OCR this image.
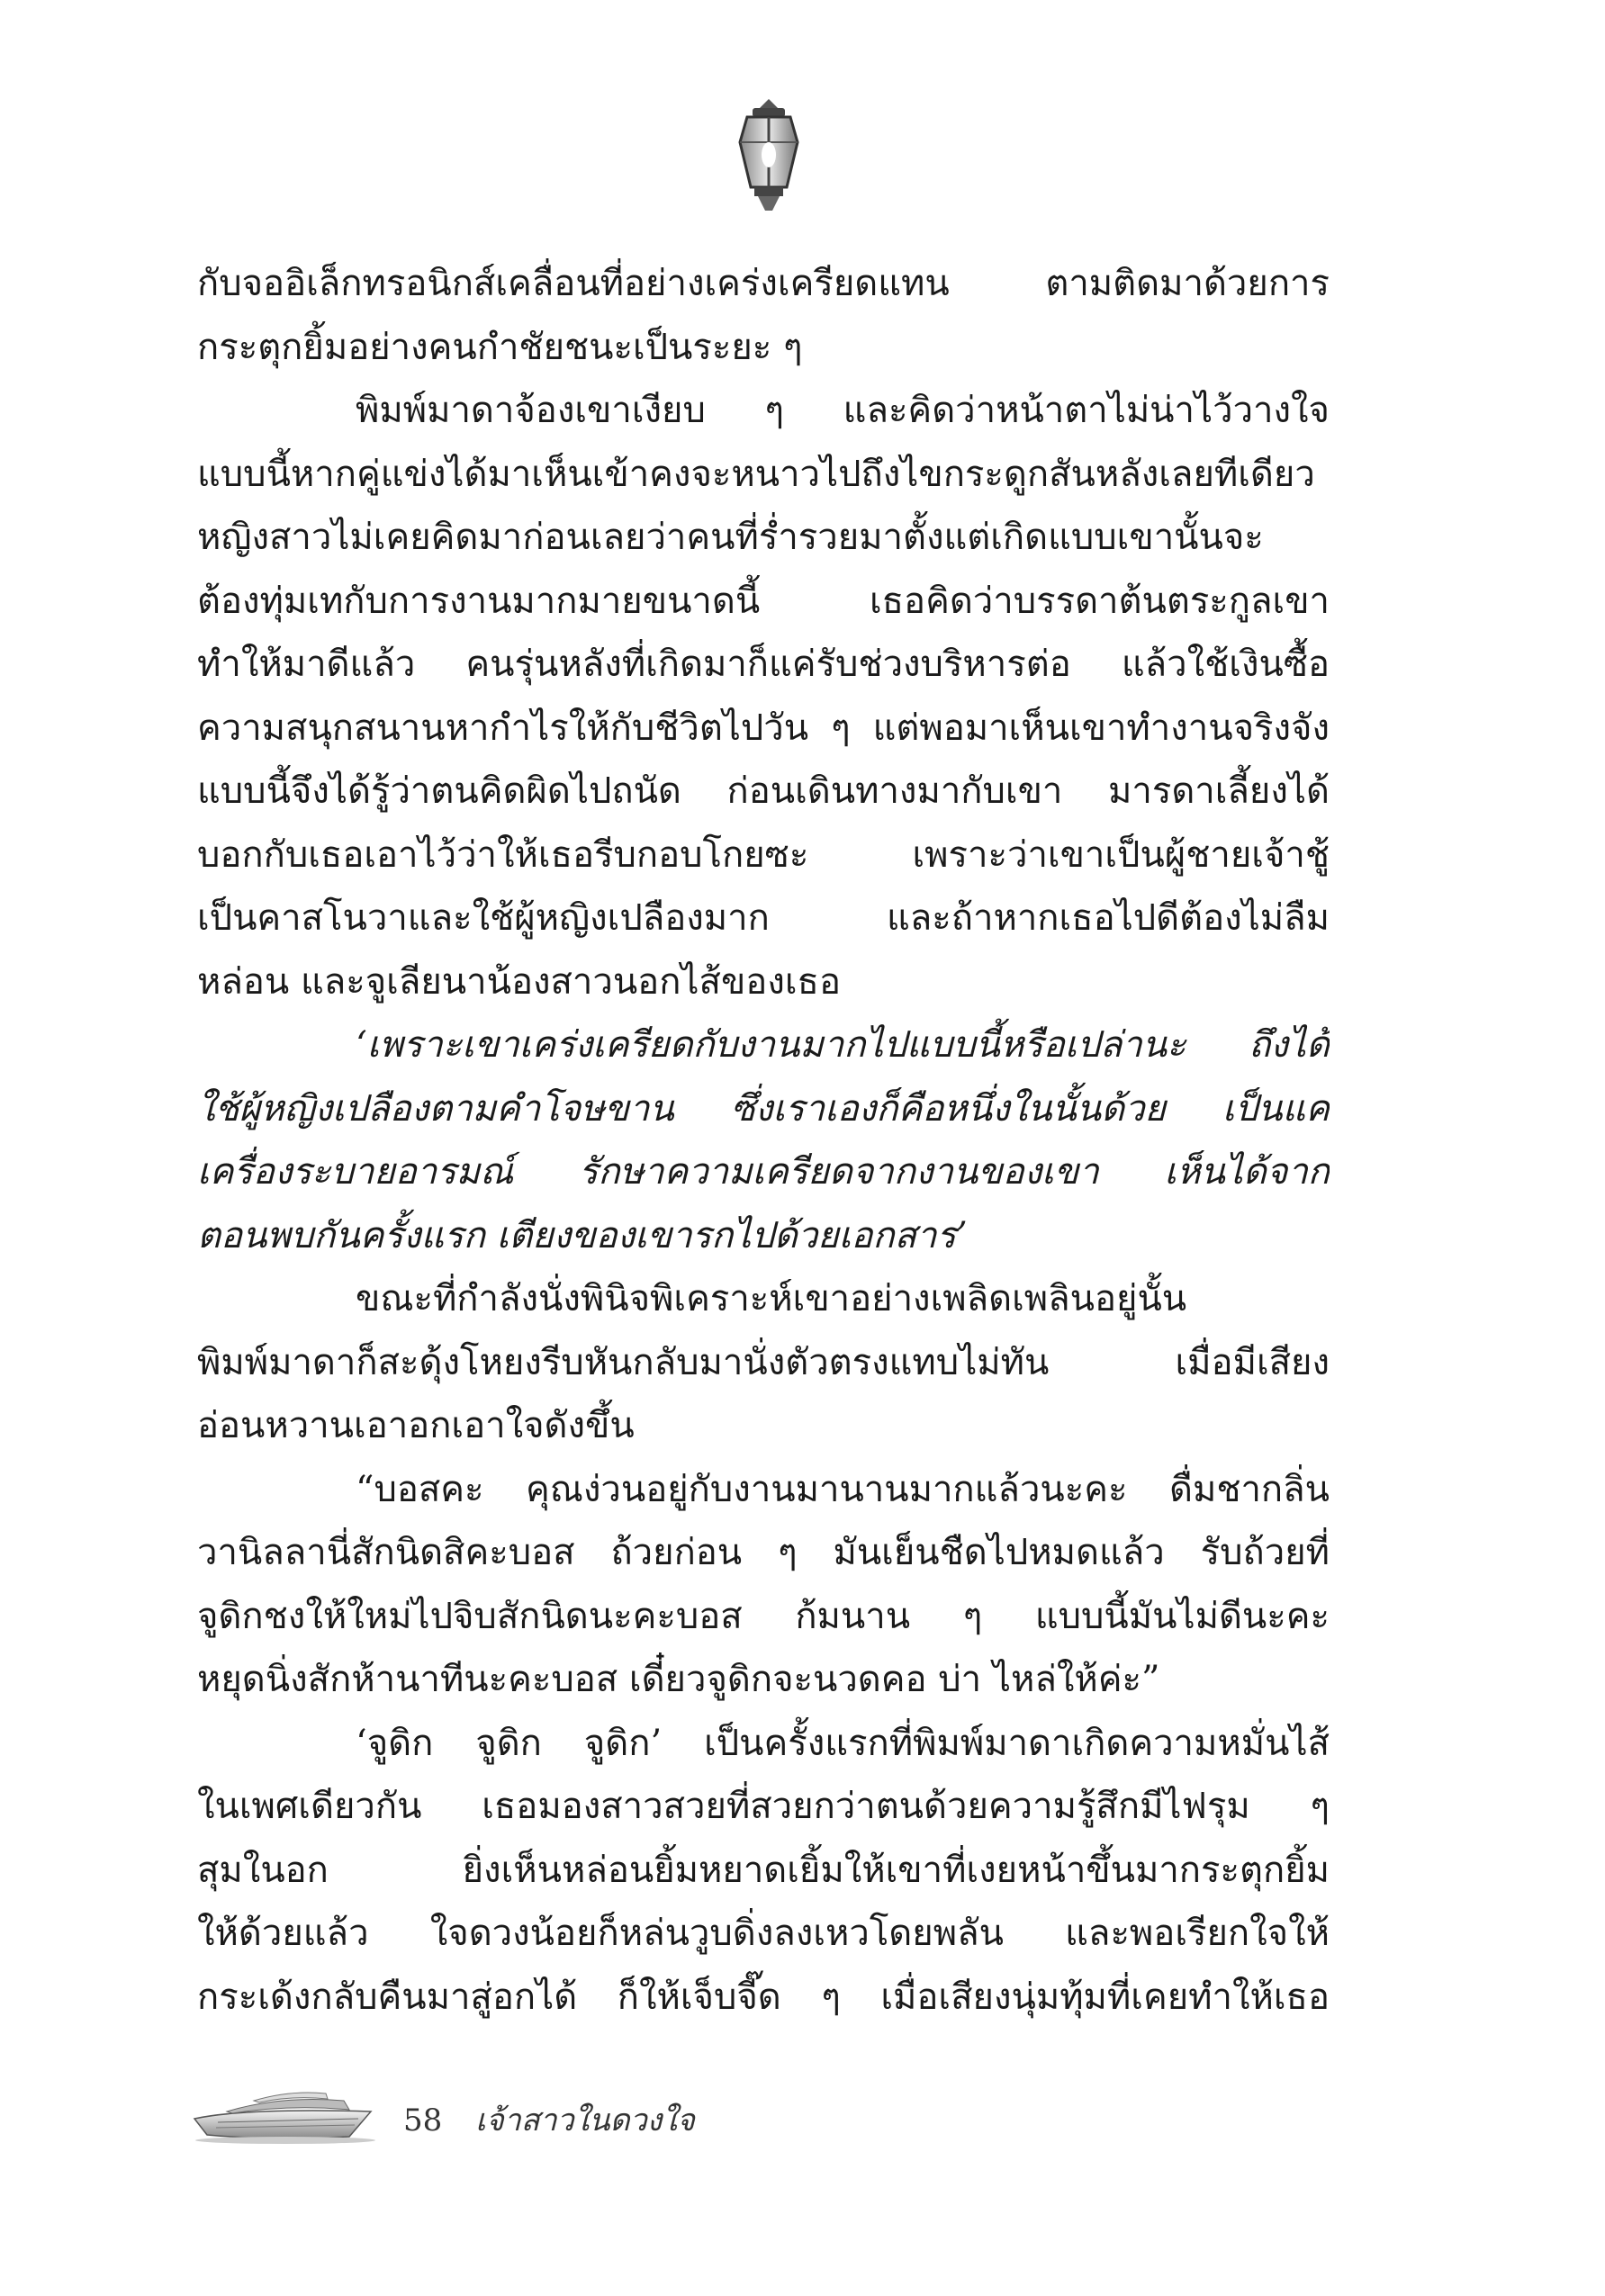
กับจออิเล็กทรอนิกส์เคลื่อนที่อย่างเคร่งเครียดแทน ตามติดมาด้วยการ
กระตุกยิ้มอย่างคนกำชัยชนะเป็นระยะ ๆ
พิมพ์มาดาจ้องเขาเงียบ ๆ และคิดว่าหน้าตาไม่น่าไว้วางใจ
แบบนี้หากคู่แข่งได้มาเห็นเข้าคงจะหนาวไปถึงไขกระดูกสันหลังเลยทีเดียว
หญิงสาวไม่เคยคิดมาก่อนเลยว่าคนที่ร่ำรวยมาตั้งแต่เกิดแบบเขานั้นจะ
ต้องทุ่มเทกับการงานมากมายขนาดนี้ เธอคิดว่าบรรดาต้นตระกูลเขา
ทำให้มาดีแล้ว คนรุ่นหลังที่เกิดมาก็แค่รับช่วงบริหารต่อ แล้วใช้เงินซื้อ
ความสนุกสนานหากำไรให้กับชีวิตไปวัน ๆ แต่พอมาเห็นเขาทำงานจริงจัง
แบบนี้จึงได้รู้ว่าตนคิดผิดไปถนัด ก่อนเดินทางมากับเขา มารดาเลี้ยงได้
บอกกับเธอเอาไว้ว่าให้เธอรีบกอบโกยซะ เพราะว่าเขาเป็นผู้ชายเจ้าชู้
เป็นคาสโนวาและใช้ผู้หญิงเปลืองมาก และถ้าหากเธอไปดีต้องไม่ลืม
หล่อน และจูเลียนาน้องสาวนอกไส้ของเธอ
‘เพราะเขาเคร่งเครียดกับงานมากไปแบบนี้หรือเปล่านะ ถึงได้
ใช้ผู้หญิงเปลืองตามคำโจษขาน ซึ่งเราเองก็คือหนึ่งในนั้นด้วย เป็นแค่
เครื่องระบายอารมณ์ รักษาความเครียดจากงานของเขา เห็นได้จาก
ตอนพบกันครั้งแรก เตียงของเขารกไปด้วยเอกสาร’
ขณะที่กำลังนั่งพินิจพิเคราะห์เขาอย่างเพลิดเพลินอยู่นั้น
พิมพ์มาดาก็สะดุ้งโหยงรีบหันกลับมานั่งตัวตรงแทบไม่ทัน เมื่อมีเสียง
อ่อนหวานเอาอกเอาใจดังขึ้น
“บอสคะ คุณง่วนอยู่กับงานมานานมากแล้วนะคะ ดื่มชากลิ่น
วานิลลานี่สักนิดสิคะบอส ถ้วยก่อน ๆ มันเย็นชืดไปหมดแล้ว รับถ้วยที่
จูดิกชงให้ใหม่ไปจิบสักนิดนะคะบอส ก้มนาน ๆ แบบนี้มันไม่ดีนะคะ
หยุดนิ่งสักห้านาทีนะคะบอส เดี๋ยวจูดิกจะนวดคอ บ่า ไหล่ให้ค่ะ”
‘จูดิก จูดิก จูดิก’ เป็นครั้งแรกที่พิมพ์มาดาเกิดความหมั่นไส้
ในเพศเดียวกัน เธอมองสาวสวยที่สวยกว่าตนด้วยความรู้สึกมีไฟรุม ๆ
สุมในอก ยิ่งเห็นหล่อนยิ้มหยาดเยิ้มให้เขาที่เงยหน้าขึ้นมากระตุกยิ้ม
ให้ด้วยแล้ว ใจดวงน้อยก็หล่นวูบดิ่งลงเหวโดยพลัน และพอเรียกใจให้
กระเด้งกลับคืนมาสู่อกได้ ก็ให้เจ็บจี๊ด ๆ เมื่อเสียงนุ่มทุ้มที่เคยทำให้เธอ
58 เจ้าสาวในดวงใจ
